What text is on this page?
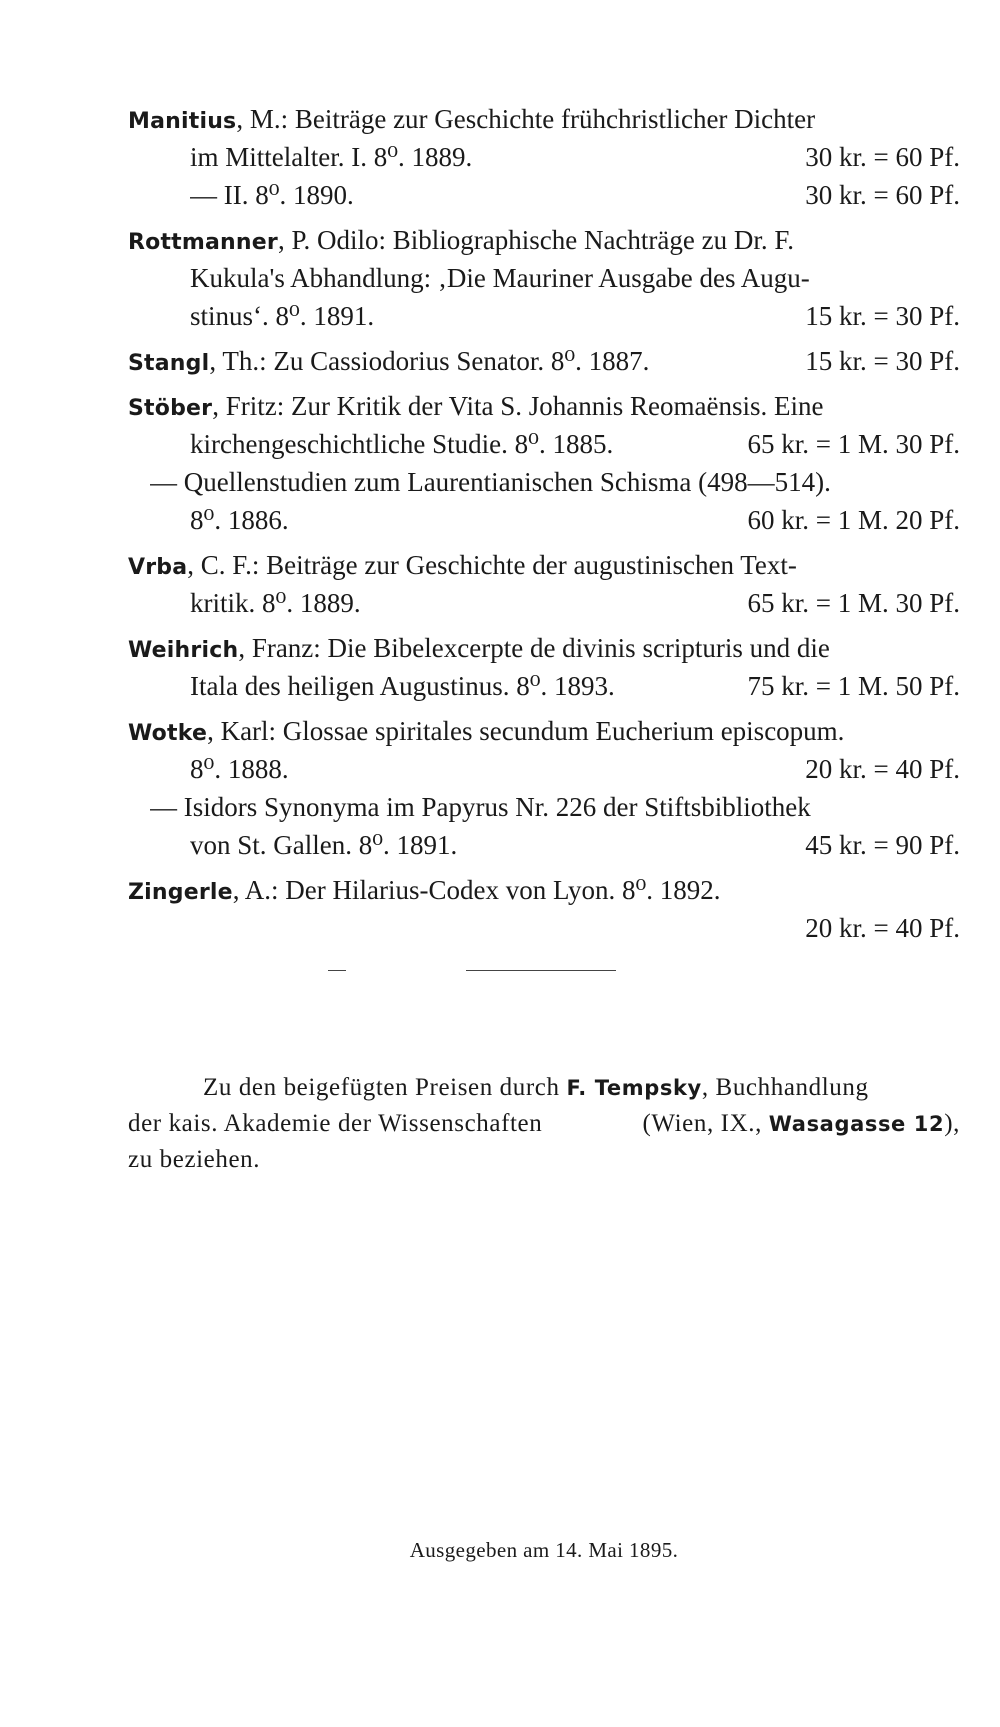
Manitius, M.: Beiträge zur Geschichte frühchristlicher Dichter
im Mittelalter. I. 8⁰. 1889.	30 kr. = 60 Pf.
— II. 8⁰. 1890.	30 kr. = 60 Pf.
Rottmanner, P. Odilo: Bibliographische Nachträge zu Dr. F.
Kukula's Abhandlung: ‚Die Mauriner Ausgabe des Augu-
stinus‘. 8⁰. 1891.	15 kr. = 30 Pf.
Stangl, Th.: Zu Cassiodorius Senator. 8⁰. 1887.	15 kr. = 30 Pf.
Stöber, Fritz: Zur Kritik der Vita S. Johannis Reomaënsis. Eine
kirchengeschichtliche Studie. 8⁰. 1885.	65 kr. = 1 M. 30 Pf.
— Quellenstudien zum Laurentianischen Schisma (498—514).
8⁰. 1886.	60 kr. = 1 M. 20 Pf.
Vrba, C. F.: Beiträge zur Geschichte der augustinischen Text-
kritik. 8⁰. 1889.	65 kr. = 1 M. 30 Pf.
Weihrich, Franz: Die Bibelexcerpte de divinis scripturis und die
Itala des heiligen Augustinus. 8⁰. 1893.	75 kr. = 1 M. 50 Pf.
Wotke, Karl: Glossae spiritales secundum Eucherium episcopum.
8⁰. 1888.	20 kr. = 40 Pf.
— Isidors Synonyma im Papyrus Nr. 226 der Stiftsbibliothek
von St. Gallen. 8⁰. 1891.	45 kr. = 90 Pf.
Zingerle, A.: Der Hilarius-Codex von Lyon. 8⁰. 1892.
20 kr. = 40 Pf.
Zu den beigefügten Preisen durch F. Tempsky, Buchhandlung
der kais. Akademie der Wissenschaften	(Wien, IX., Wasagasse 12),
zu beziehen.
Ausgegeben am 14. Mai 1895.
